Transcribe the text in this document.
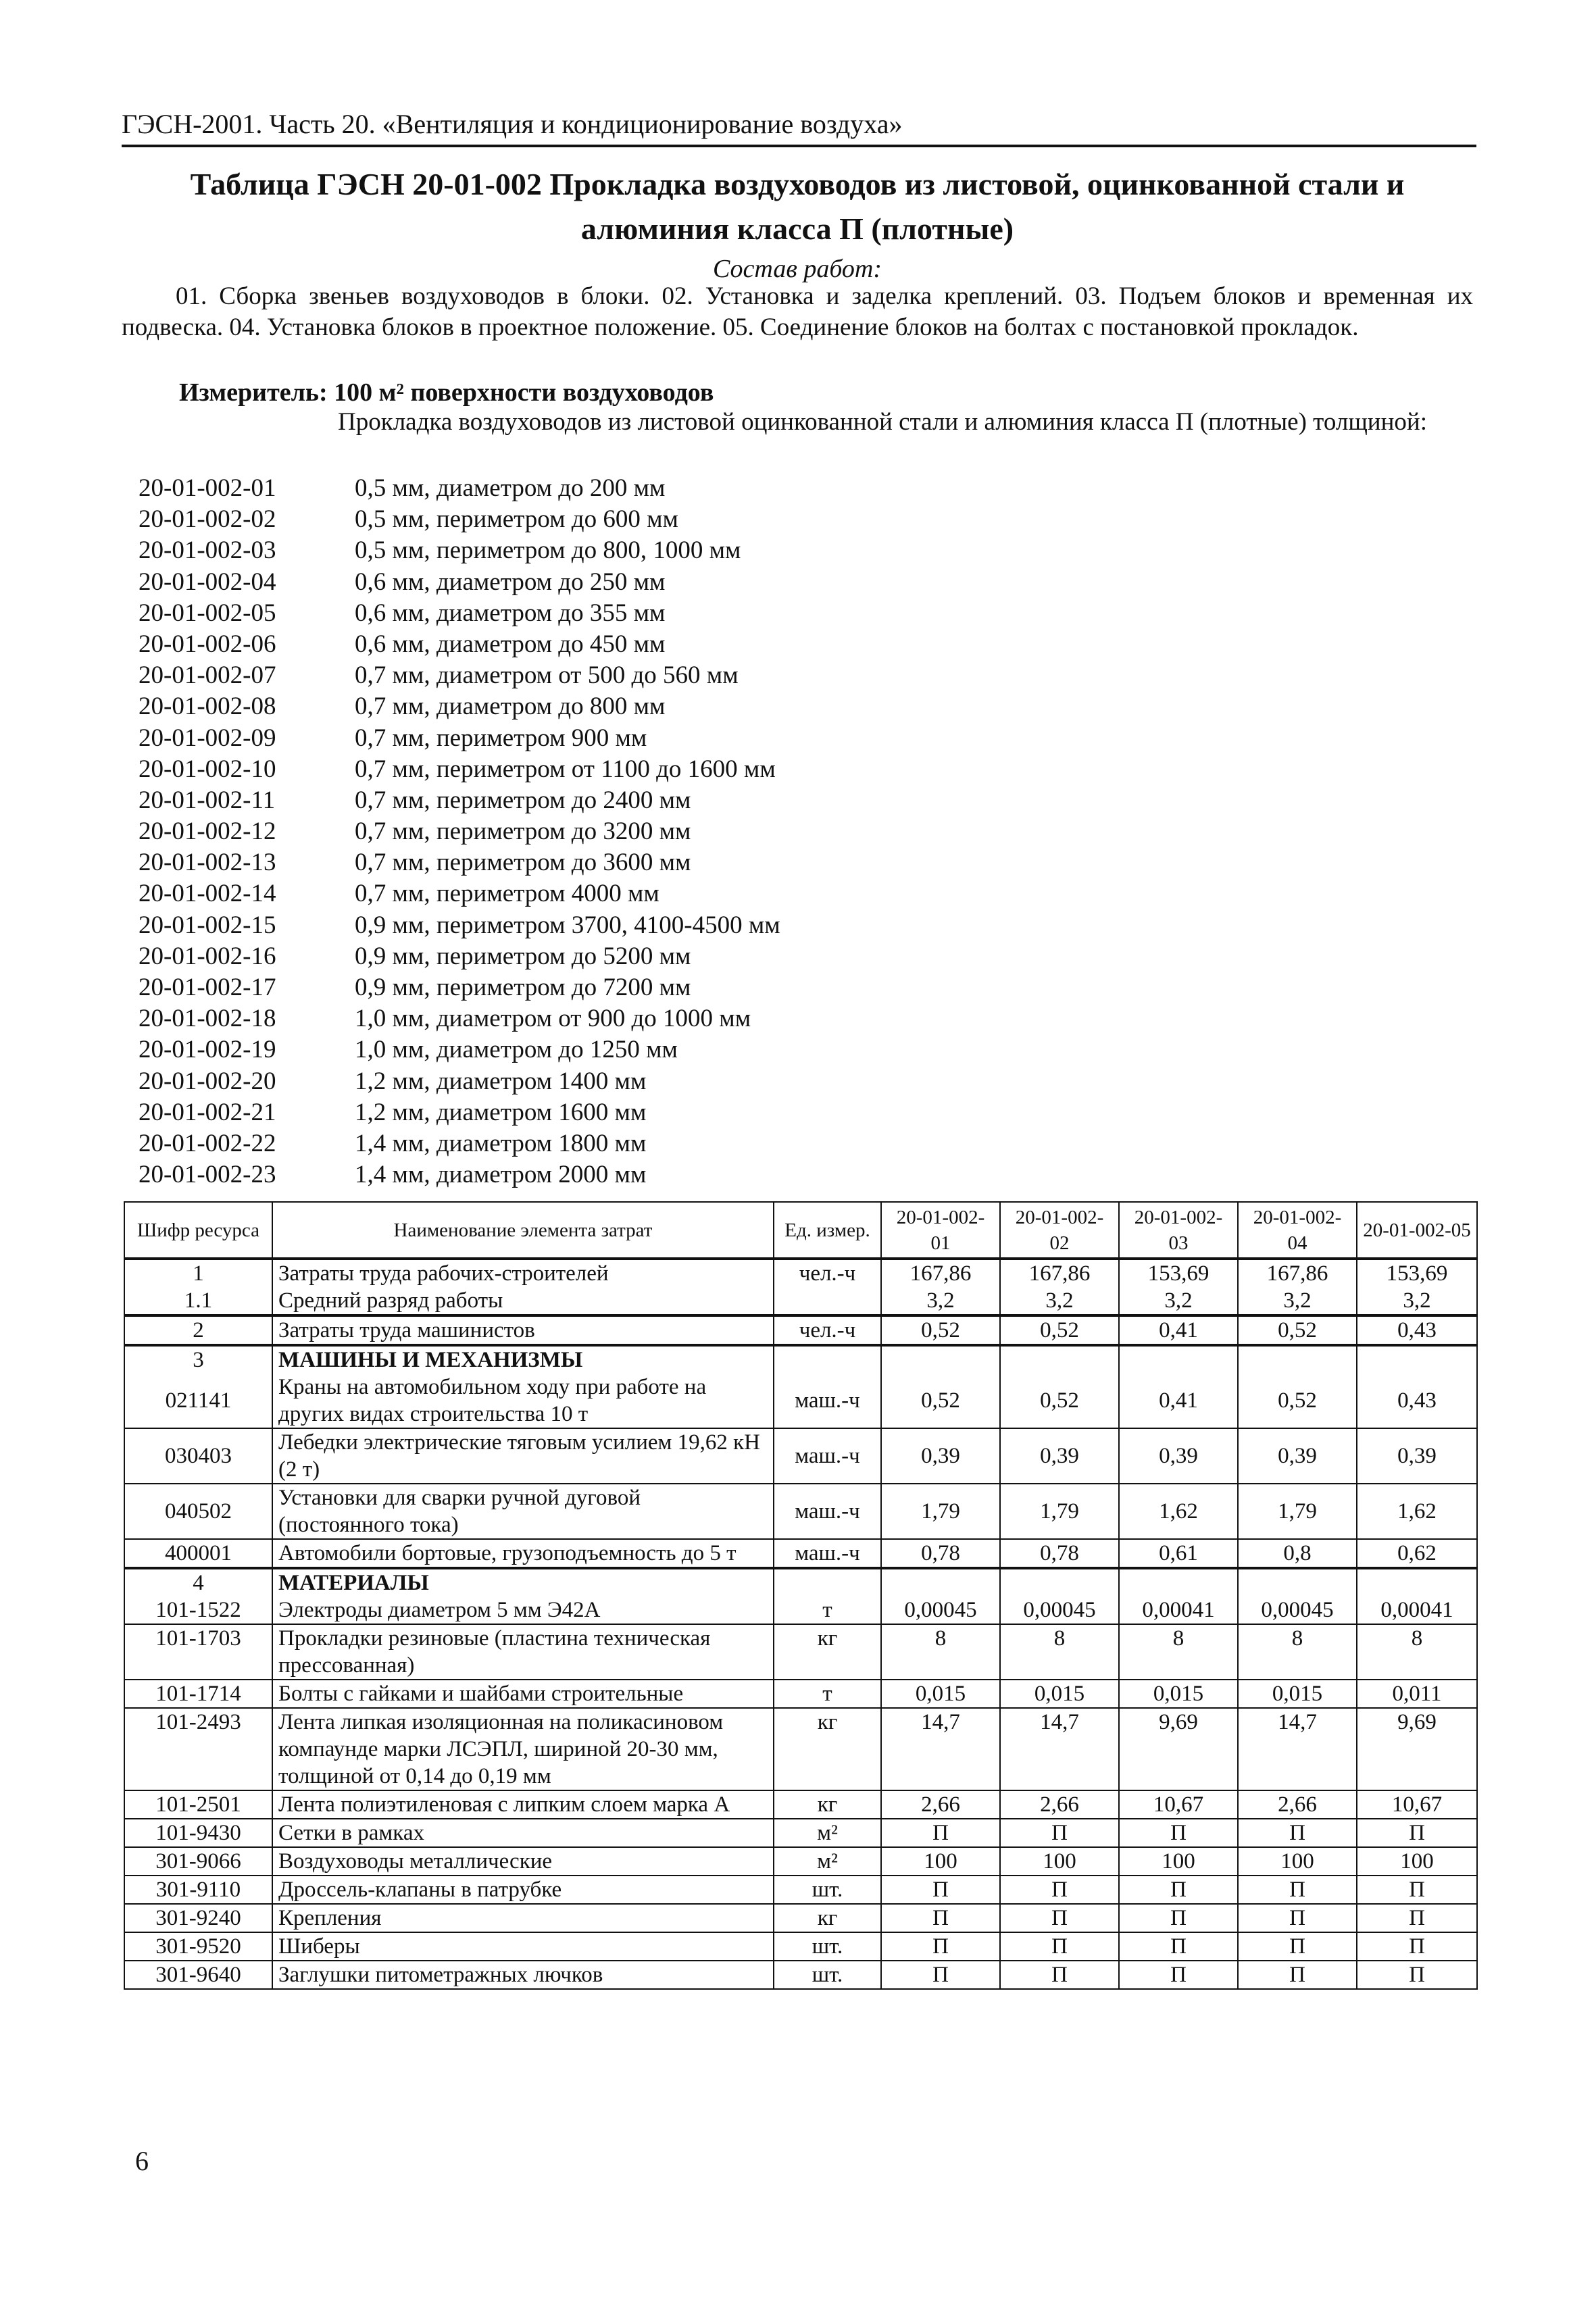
ГЭСН-2001. Часть 20. «Вентиляция и кондиционирование воздуха»
Таблица ГЭСН 20-01-002 Прокладка воздуховодов из листовой, оцинкованной стали и
алюминия класса П (плотные)
Состав работ:
01. Сборка звеньев воздуховодов в блоки. 02. Установка и заделка креплений. 03. Подъем блоков и временная их подвеска. 04. Установка блоков в проектное положение. 05. Соединение блоков на болтах с постановкой прокладок.
Измеритель: 100 м² поверхности воздуховодов
Прокладка воздуховодов из листовой оцинкованной стали и алюминия класса П (плотные) толщиной:
20-01-002-01	0,5 мм, диаметром до 200 мм
20-01-002-02	0,5 мм, периметром до 600 мм
20-01-002-03	0,5 мм, периметром до 800, 1000 мм
20-01-002-04	0,6 мм, диаметром до 250 мм
20-01-002-05	0,6 мм, диаметром до 355 мм
20-01-002-06	0,6 мм, диаметром до 450 мм
20-01-002-07	0,7 мм, диаметром от 500 до 560 мм
20-01-002-08	0,7 мм, диаметром до 800 мм
20-01-002-09	0,7 мм, периметром 900 мм
20-01-002-10	0,7 мм, периметром от 1100 до 1600 мм
20-01-002-11	0,7 мм, периметром до 2400 мм
20-01-002-12	0,7 мм, периметром до 3200 мм
20-01-002-13	0,7 мм, периметром до 3600 мм
20-01-002-14	0,7 мм, периметром 4000 мм
20-01-002-15	0,9 мм, периметром 3700, 4100-4500 мм
20-01-002-16	0,9 мм, периметром до 5200 мм
20-01-002-17	0,9 мм, периметром до 7200 мм
20-01-002-18	1,0 мм, диаметром от 900 до 1000 мм
20-01-002-19	1,0 мм, диаметром до 1250 мм
20-01-002-20	1,2 мм, диаметром 1400 мм
20-01-002-21	1,2 мм, диаметром 1600 мм
20-01-002-22	1,4 мм, диаметром 1800 мм
20-01-002-23	1,4 мм, диаметром 2000 мм
Шифр ресурса	Наименование элемента затрат	Ед. измер.	20-01-002-01	20-01-002-02	20-01-002-03	20-01-002-04	20-01-002-05
1	Затраты труда рабочих-строителей	чел.-ч	167,86	167,86	153,69	167,86	153,69
1.1	Средний разряд работы		3,2	3,2	3,2	3,2	3,2
2	Затраты труда машинистов	чел.-ч	0,52	0,52	0,41	0,52	0,43
3	МАШИНЫ И МЕХАНИЗМЫ						
021141	Краны на автомобильном ходу при работе на других видах строительства 10 т	маш.-ч	0,52	0,52	0,41	0,52	0,43
030403	Лебедки электрические тяговым усилием 19,62 кН (2 т)	маш.-ч	0,39	0,39	0,39	0,39	0,39
040502	Установки для сварки ручной дуговой (постоянного тока)	маш.-ч	1,79	1,79	1,62	1,79	1,62
400001	Автомобили бортовые, грузоподъемность до 5 т	маш.-ч	0,78	0,78	0,61	0,8	0,62
4	МАТЕРИАЛЫ						
101-1522	Электроды диаметром 5 мм Э42А	т	0,00045	0,00045	0,00041	0,00045	0,00041
101-1703	Прокладки резиновые (пластина техническая прессованная)	кг	8	8	8	8	8
101-1714	Болты с гайками и шайбами строительные	т	0,015	0,015	0,015	0,015	0,011
101-2493	Лента липкая изоляционная на поликасиновом компаунде марки ЛСЭПЛ, шириной 20-30 мм, толщиной от 0,14 до 0,19 мм	кг	14,7	14,7	9,69	14,7	9,69
101-2501	Лента полиэтиленовая с липким слоем марка А	кг	2,66	2,66	10,67	2,66	10,67
101-9430	Сетки в рамках	м²	П	П	П	П	П
301-9066	Воздуховоды металлические	м²	100	100	100	100	100
301-9110	Дроссель-клапаны в патрубке	шт.	П	П	П	П	П
301-9240	Крепления	кг	П	П	П	П	П
301-9520	Шиберы	шт.	П	П	П	П	П
301-9640	Заглушки питометражных лючков	шт.	П	П	П	П	П
6
